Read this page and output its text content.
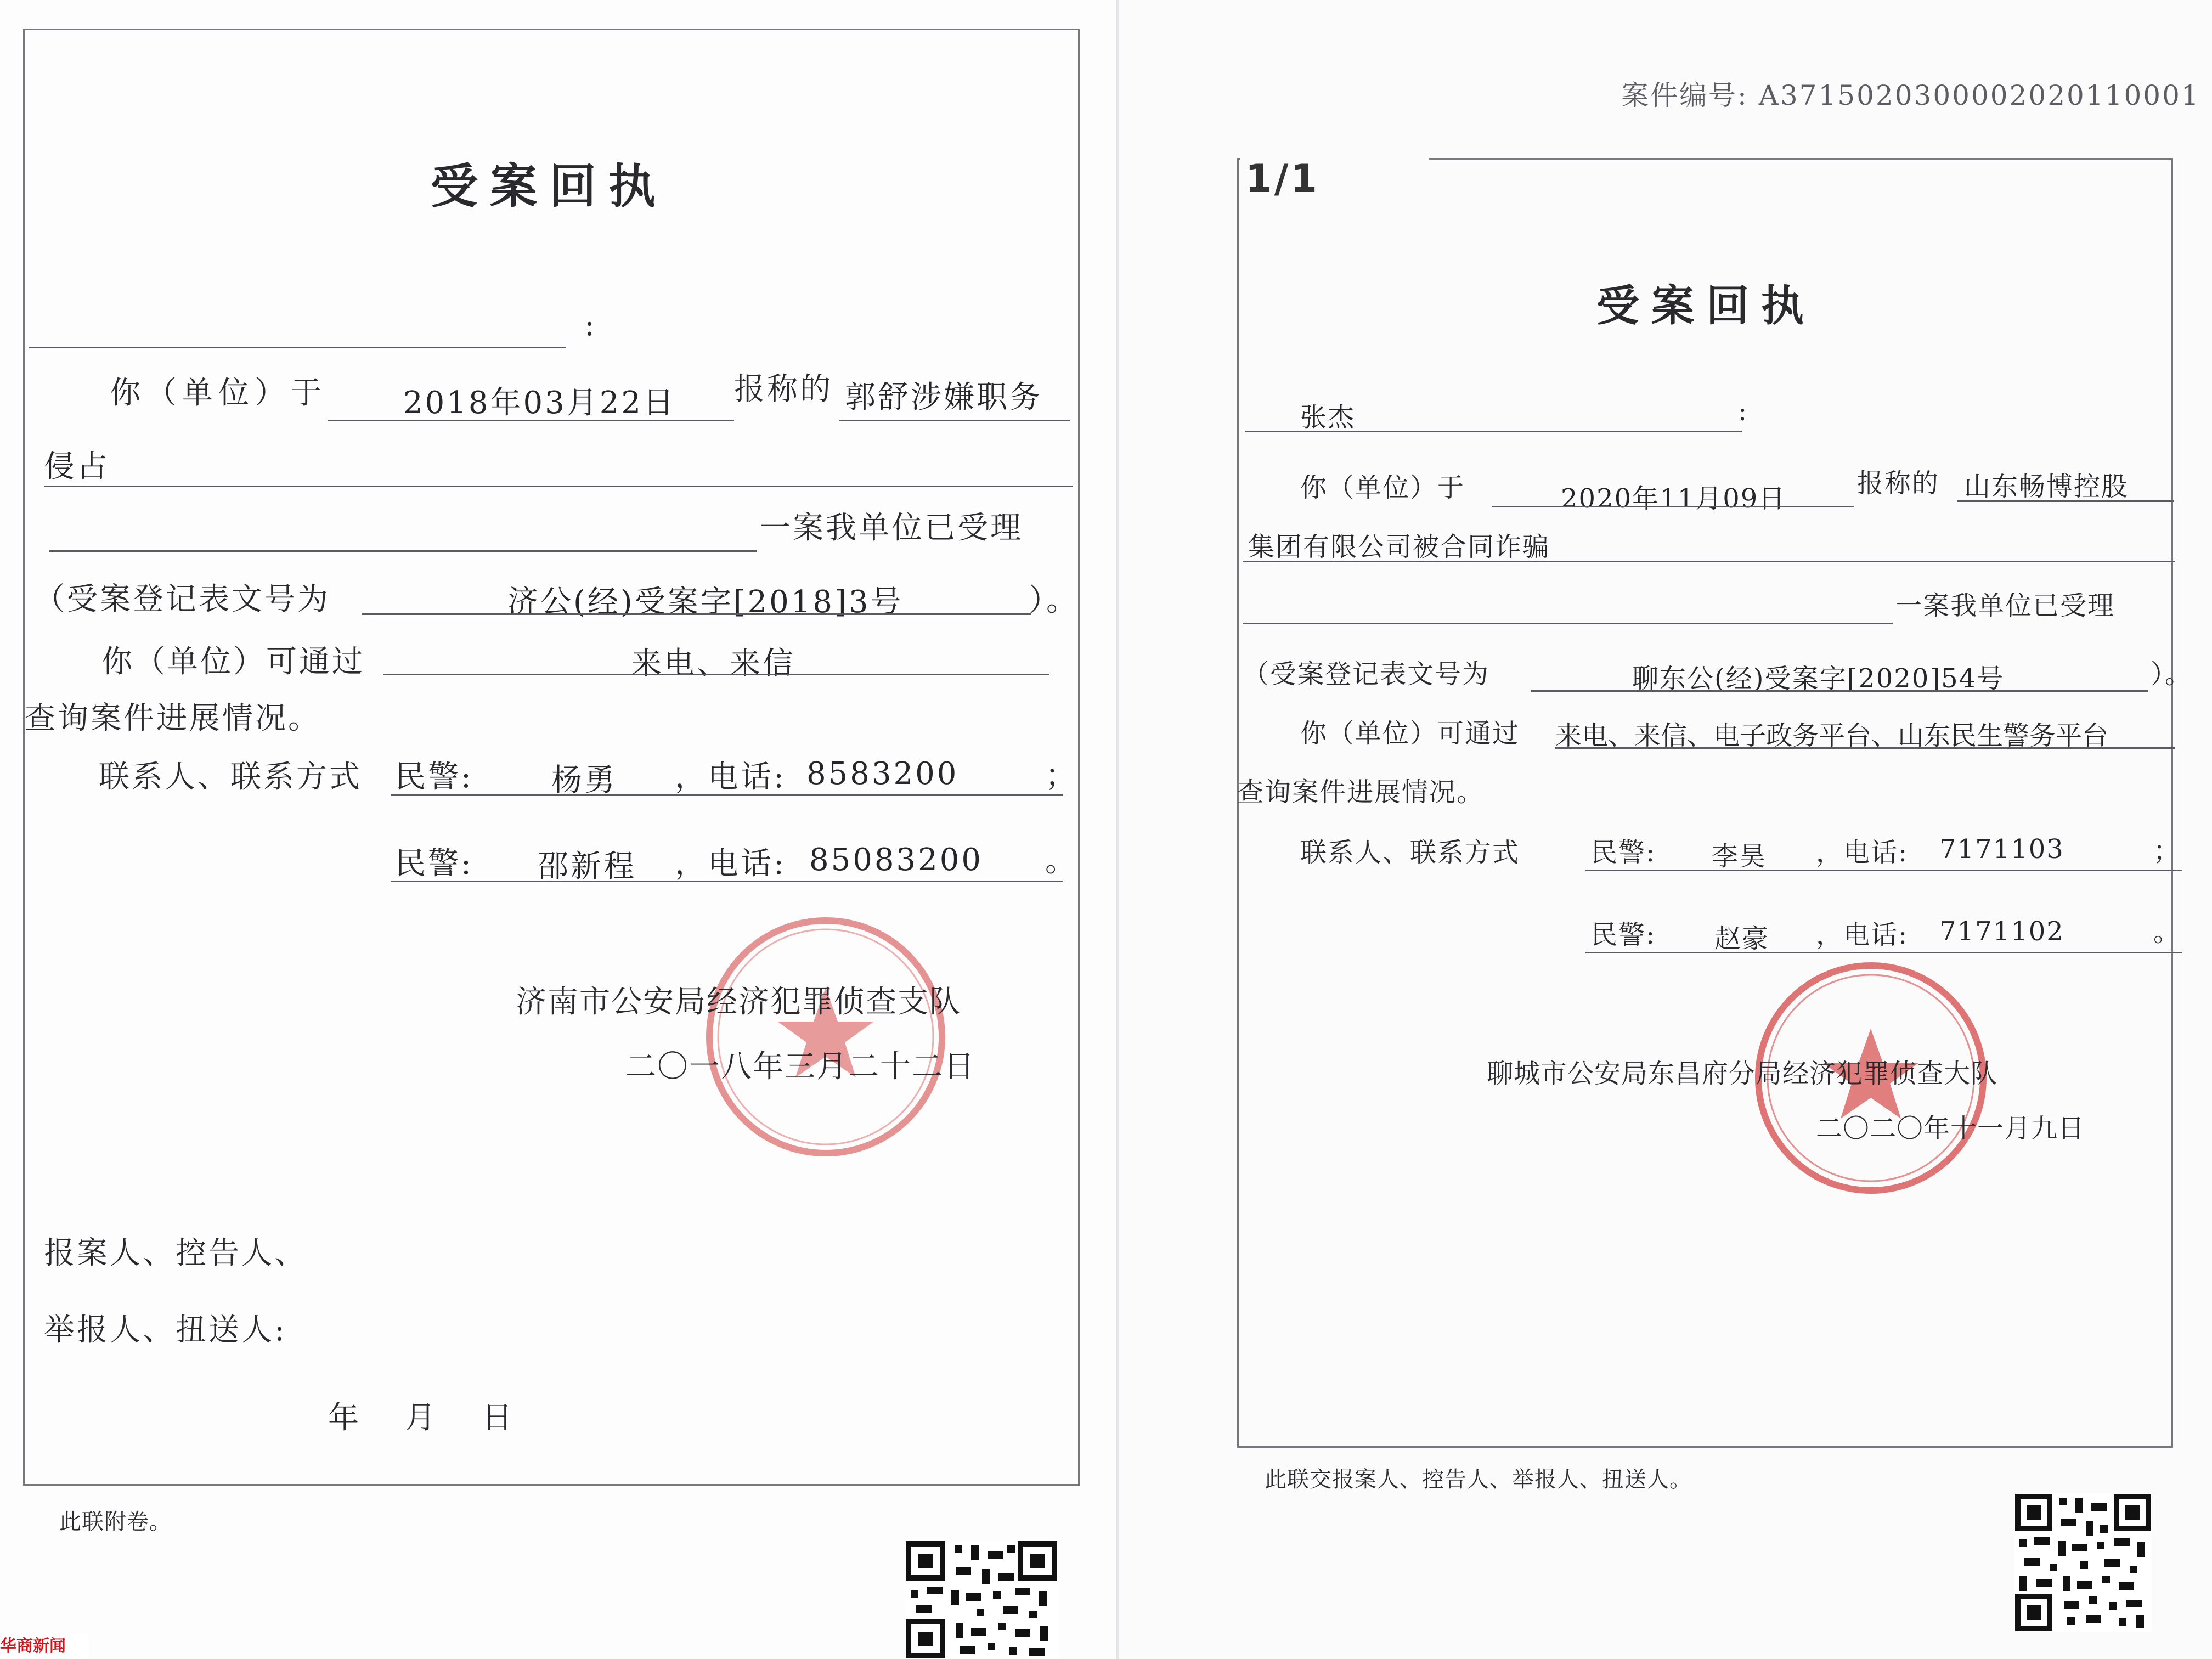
受案回执
:
你（单位）于 2018年03月22日 报称的 郭舒涉嫌职务
侵占
一案我单位已受理
（受案登记表文号为	济公(经)受案字[2018]3号	）。
你（单位）可通过	来电、来信
查询案件进展情况。
联系人、联系方式 民警:	杨勇 ，电话: 8583200	；
民警: 邵新程 ，电话: 85083200 。
济南市公安局经济犯罪侦查支队
二〇一八年三月二十二日
报案人、控告人、
举报人、扭送人:
年　月　日
此联附卷。
案件编号: A3715020300002020110001
1/1
受案回执
张杰	:
你（单位）于	2020年11月09日	报称的 山东畅博控股
集团有限公司被合同诈骗
一案我单位已受理
（受案登记表文号为	聊东公(经)受案字[2020]54号	）。
你（单位）可通过 来电、来信、电子政务平台、山东民生警务平台
查询案件进展情况。
联系人、联系方式	民警: 李昊 ，电话: 7171103	；
民警: 赵豪 ，电话: 7171102	。
聊城市公安局东昌府分局经济犯罪侦查大队
二〇二〇年十一月九日
此联交报案人、控告人、举报人、扭送人。
华商新闻
